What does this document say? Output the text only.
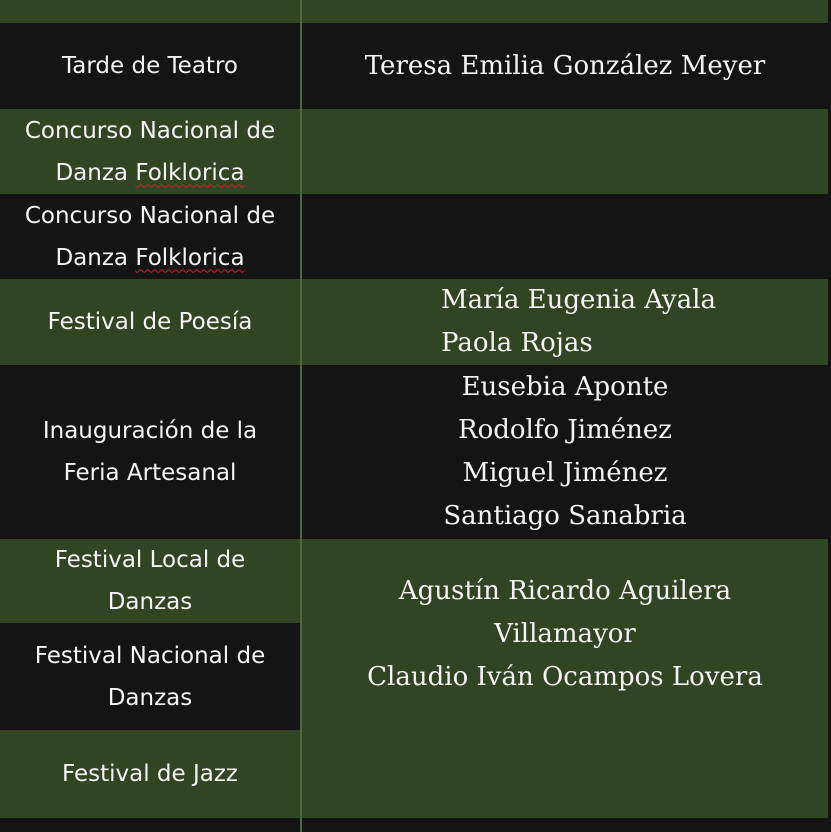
Tarde de Teatro	Teresa Emilia González Meyer
Concurso Nacional de
Danza Folklorica
Concurso Nacional de
Danza Folklorica
Festival de Poesía
María Eugenia Ayala
Paola Rojas
Inauguración de la
Feria Artesanal
Eusebia Aponte
Rodolfo Jiménez
Miguel Jiménez
Santiago Sanabria
Festival Local de
Danzas
Festival Nacional de
Danzas
Agustín Ricardo Aguilera
Villamayor
Claudio Iván Ocampos Lovera
Festival de Jazz
